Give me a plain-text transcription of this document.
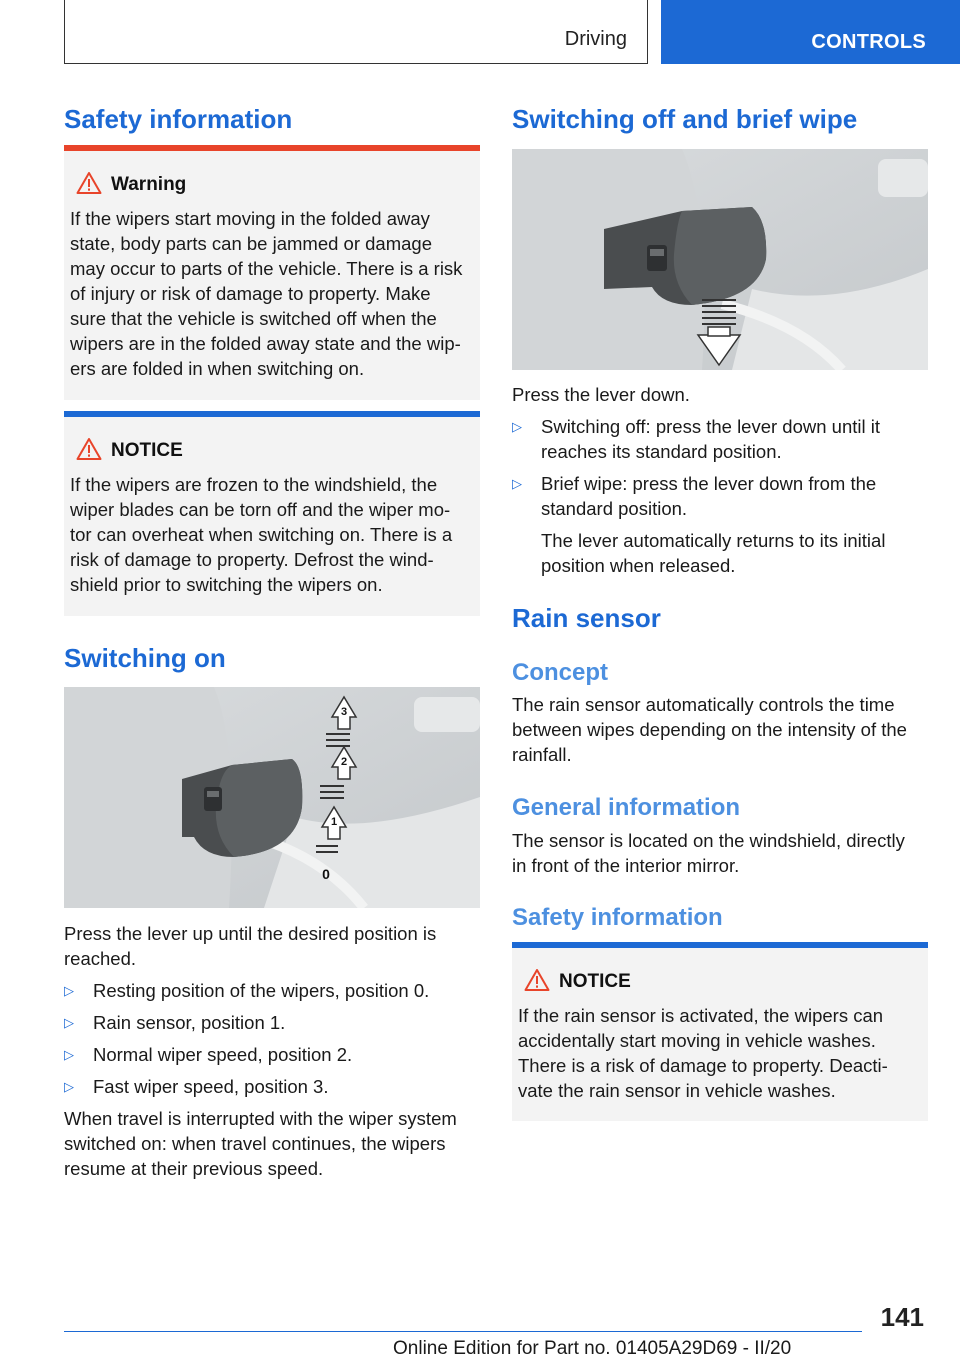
Driving	CONTROLS
Safety information
Warning
If the wipers start moving in the folded away
state, body parts can be jammed or damage
may occur to parts of the vehicle. There is a risk
of injury or risk of damage to property. Make
sure that the vehicle is switched off when the
wipers are in the folded away state and the wip-
ers are folded in when switching on.
NOTICE
If the wipers are frozen to the windshield, the
wiper blades can be torn off and the wiper mo-
tor can overheat when switching on. There is a
risk of damage to property. Defrost the wind-
shield prior to switching the wipers on.
Switching on
3
2
1
0
Press the lever up until the desired position is
reached.
▷ Resting position of the wipers, position 0.
▷ Rain sensor, position 1.
▷ Normal wiper speed, position 2.
▷ Fast wiper speed, position 3.
When travel is interrupted with the wiper system
switched on: when travel continues, the wipers
resume at their previous speed.
Switching off and brief wipe
Press the lever down.
▷ Switching off: press the lever down until it
reaches its standard position.
▷ Brief wipe: press the lever down from the
standard position.
The lever automatically returns to its initial
position when released.
Rain sensor
Concept
The rain sensor automatically controls the time
between wipes depending on the intensity of the
rainfall.
General information
The sensor is located on the windshield, directly
in front of the interior mirror.
Safety information
NOTICE
If the rain sensor is activated, the wipers can
accidentally start moving in vehicle washes.
There is a risk of damage to property. Deacti-
vate the rain sensor in vehicle washes.
141
Online Edition for Part no. 01405A29D69 - II/20
